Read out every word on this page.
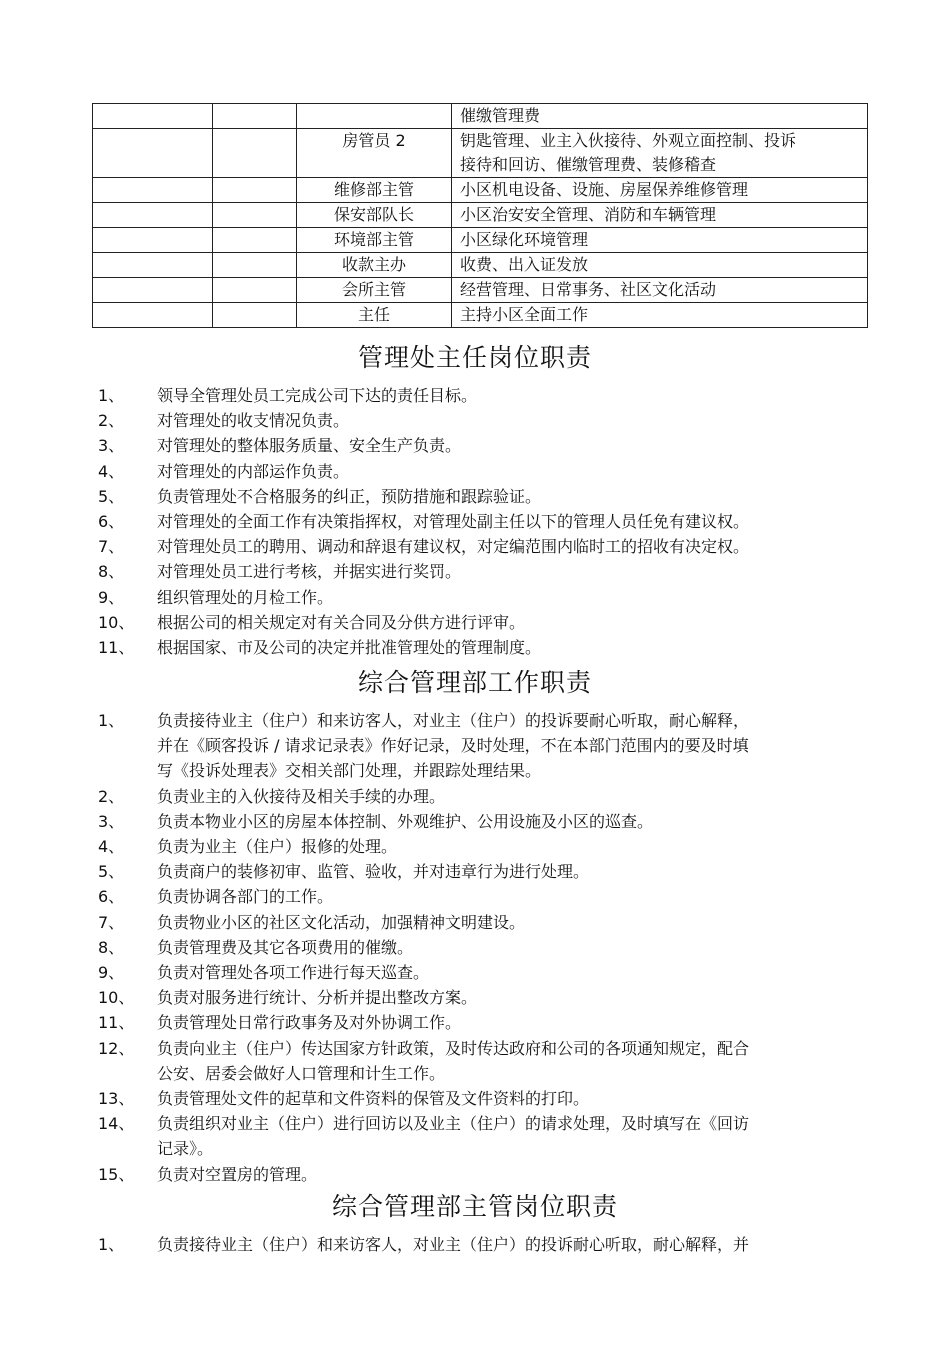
			催缴管理费
		房管员 2	钥匙管理、业主入伙接待、外观立面控制、投诉
接待和回访、催缴管理费、装修稽查
		维修部主管	小区机电设备、设施、房屋保养维修管理
		保安部队长	小区治安安全管理、消防和车辆管理
		环境部主管	小区绿化环境管理
		收款主办	收费、出入证发放
		会所主管	经营管理、日常事务、社区文化活动
		主任	主持小区全面工作
管理处主任岗位职责
1、	领导全管理处员工完成公司下达的责任目标。
2、	对管理处的收支情况负责。
3、	对管理处的整体服务质量、安全生产负责。
4、	对管理处的内部运作负责。
5、	负责管理处不合格服务的纠正，预防措施和跟踪验证。
6、	对管理处的全面工作有决策指挥权，对管理处副主任以下的管理人员任免有建议权。
7、	对管理处员工的聘用、调动和辞退有建议权，对定编范围内临时工的招收有决定权。
8、	对管理处员工进行考核，并据实进行奖罚。
9、	组织管理处的月检工作。
10、	根据公司的相关规定对有关合同及分供方进行评审。
11、	根据国家、市及公司的决定并批准管理处的管理制度。
综合管理部工作职责
1、	负责接待业主（住户）和来访客人，对业主（住户）的投诉要耐心听取，耐心解释，
并在《顾客投诉 / 请求记录表》作好记录，及时处理，不在本部门范围内的要及时填
写《投诉处理表》交相关部门处理，并跟踪处理结果。
2、	负责业主的入伙接待及相关手续的办理。
3、	负责本物业小区的房屋本体控制、外观维护、公用设施及小区的巡查。
4、	负责为业主（住户）报修的处理。
5、	负责商户的装修初审、监管、验收，并对违章行为进行处理。
6、	负责协调各部门的工作。
7、	负责物业小区的社区文化活动，加强精神文明建设。
8、	负责管理费及其它各项费用的催缴。
9、	负责对管理处各项工作进行每天巡查。
10、	负责对服务进行统计、分析并提出整改方案。
11、	负责管理处日常行政事务及对外协调工作。
12、	负责向业主（住户）传达国家方针政策，及时传达政府和公司的各项通知规定，配合
公安、居委会做好人口管理和计生工作。
13、	负责管理处文件的起草和文件资料的保管及文件资料的打印。
14、	负责组织对业主（住户）进行回访以及业主（住户）的请求处理，及时填写在《回访
记录》。
15、	负责对空置房的管理。
综合管理部主管岗位职责
1、	负责接待业主（住户）和来访客人，对业主（住户）的投诉耐心听取，耐心解释，并
